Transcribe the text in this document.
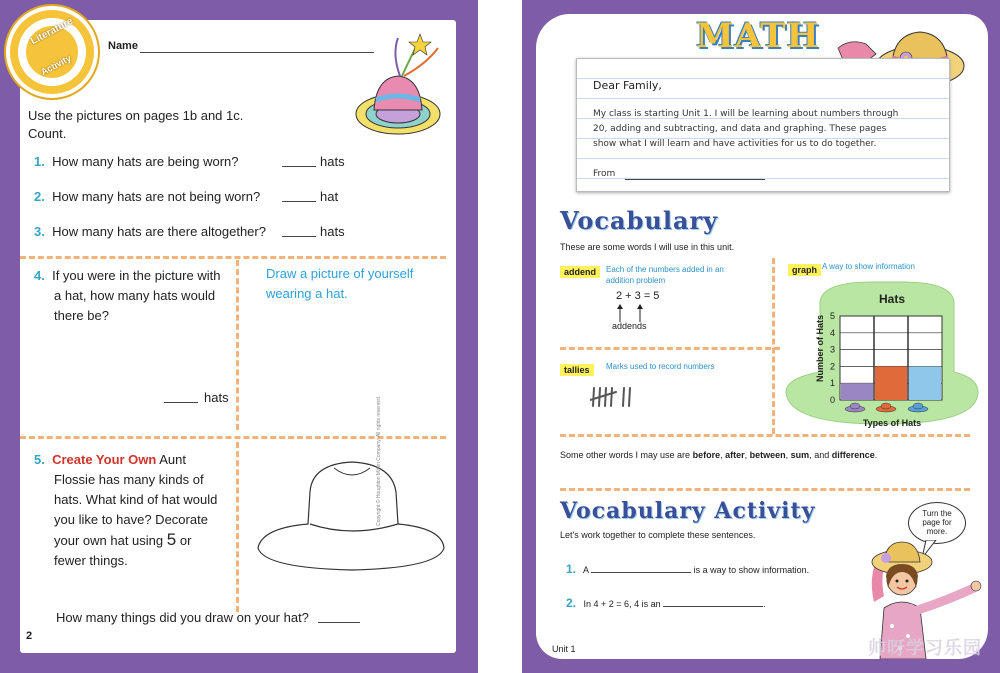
Literature
Activity
Name
Use the pictures on pages 1b and 1c.
Count.
1. How many hats are being worn?	hats
2. How many hats are not being worn?	hat
3. How many hats are there altogether?	hats
4. If you were in the picture with
a hat, how many hats would
there be?
hats
Draw a picture of yourself
wearing a hat.
5. Create Your Own Aunt
Flossie has many kinds of
hats. What kind of hat would
you like to have? Decorate
your own hat using 5 or
fewer things.
How many things did you draw on your hat?
Copyright © Houghton Mifflin Company. All rights reserved.
2
MATH
Dear Family,
My class is starting Unit 1. I will be learning about numbers through
20, adding and subtracting, and data and graphing. These pages
show what I will learn and have activities for us to do together.
From
Vocabulary
These are some words I will use in this unit.
addend	Each of the numbers added in an
addition problem
2 + 3 = 5
addends
tallies	Marks used to record numbers
graph A way to show information
Hats
0
1
2
3
4
5
Number of Hats
Types of Hats
Some other words I may use are before, after, between, sum, and difference.
Vocabulary Activity
Let's work together to complete these sentences.
1. A	is a way to show information.
2. In 4 + 2 = 6, 4 is an	.
Turn the
page for
more.
Unit 1	帅呀学习乐园
